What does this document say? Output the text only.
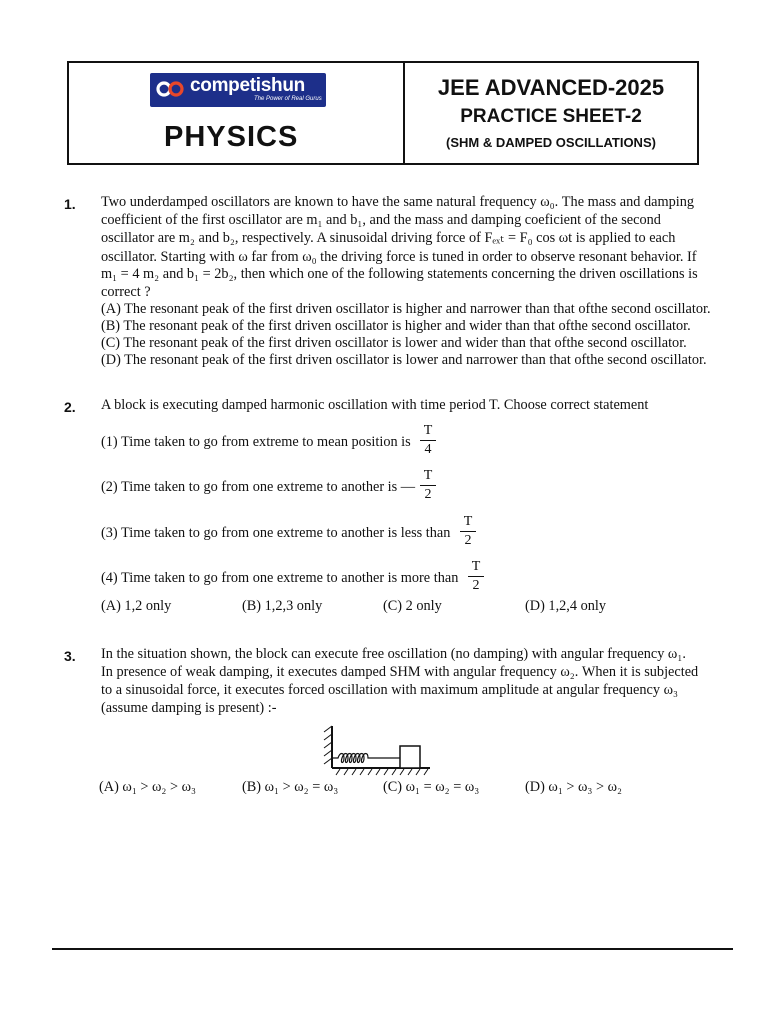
competishun
The Power of Real Gurus
PHYSICS
JEE ADVANCED-2025
PRACTICE SHEET-2
(SHM & DAMPED OSCILLATIONS)
1. Two underdamped oscillators are known to have the same natural frequency ω₀. The mass and damping
coefficient of the first oscillator are m₁ and b₁, and the mass and damping coeficient of the second
oscillator are m₂ and b₂, respectively. A sinusoidal driving force of Fₑₓₜ = F₀ cos ωt is applied to each
oscillator. Starting with ω far from ω₀ the driving force is tuned in order to observe resonant behavior. If
m₁ = 4 m₂ and b₁ = 2b₂, then which one of the following statements concerning the driven oscillations is
correct ?
(A) The resonant peak of the first driven oscillator is higher and narrower than that ofthe second oscillator.
(B) The resonant peak of the first driven oscillator is higher and wider than that ofthe second oscillator.
(C) The resonant peak of the first driven oscillator is lower and wider than that ofthe second oscillator.
(D) The resonant peak of the first driven oscillator is lower and narrower than that ofthe second oscillator.
2. A block is executing damped harmonic oscillation with time period T. Choose correct statement
(1) Time taken to go from extreme to mean position is
T
4
(2) Time taken to go from one extreme to another is —
T
2
(3) Time taken to go from one extreme to another is less than
T
2
(4) Time taken to go from one extreme to another is more than
T
2
(A) 1,2 only	(B) 1,2,3 only	(C) 2 only	(D) 1,2,4 only
3. In the situation shown, the block can execute free oscillation (no damping) with angular frequency ω₁.
In presence of weak damping, it executes damped SHM with angular frequency ω₂. When it is subjected
to a sinusoidal force, it executes forced oscillation with maximum amplitude at angular frequency ω₃
(assume damping is present) :-
(A) ω₁ > ω₂ > ω₃	(B) ω₁ > ω₂ = ω₃	(C) ω₁ = ω₂ = ω₃	(D) ω₁ > ω₃ > ω₂
